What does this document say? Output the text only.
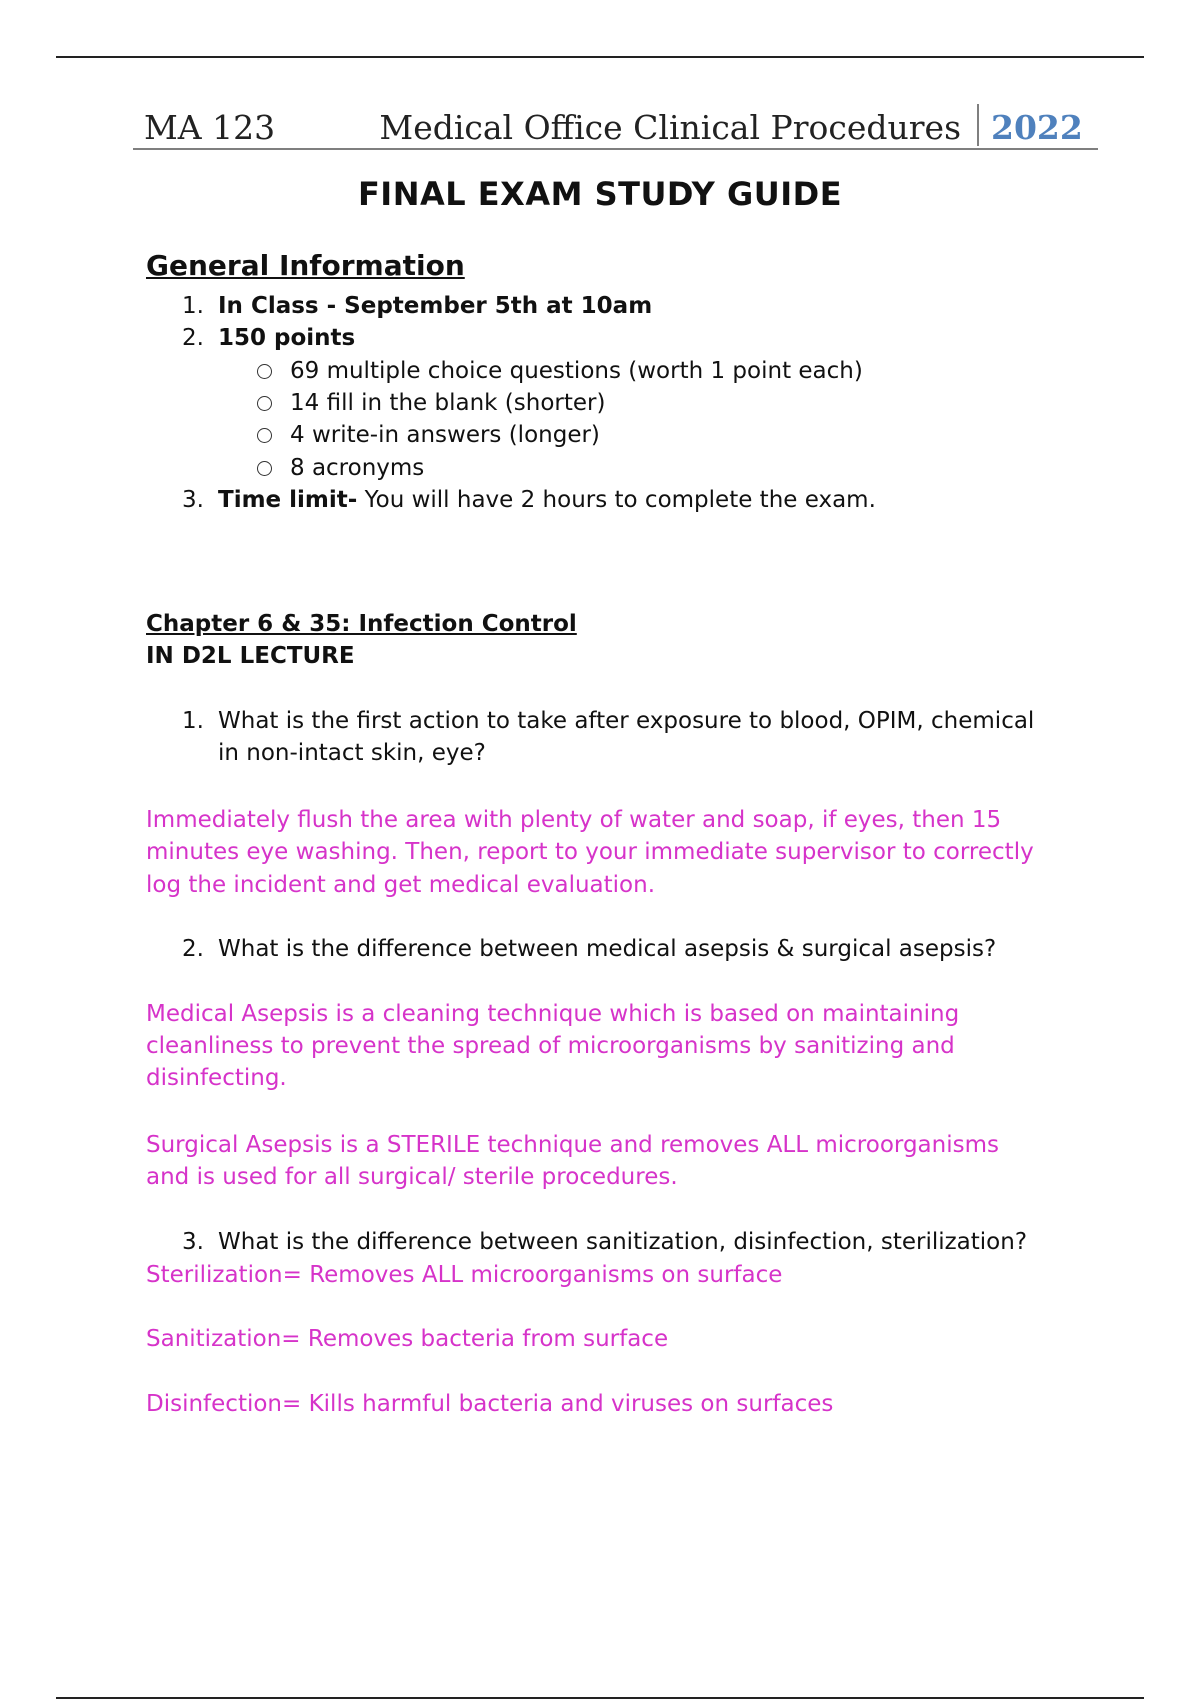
MA 123	Medical Office Clinical Procedures 2022
FINAL EXAM STUDY GUIDE
General Information
1. In Class - September 5th at 10am
2. 150 points
69 multiple choice questions (worth 1 point each)
14 fill in the blank (shorter)
4 write-in answers (longer)
8 acronyms
3. Time limit- You will have 2 hours to complete the exam.
Chapter 6 & 35: Infection Control
IN D2L LECTURE
1. What is the first action to take after exposure to blood, OPIM, chemical
in non-intact skin, eye?
Immediately flush the area with plenty of water and soap, if eyes, then 15
minutes eye washing. Then, report to your immediate supervisor to correctly
log the incident and get medical evaluation.
2. What is the difference between medical asepsis & surgical asepsis?
Medical Asepsis is a cleaning technique which is based on maintaining
cleanliness to prevent the spread of microorganisms by sanitizing and
disinfecting.
Surgical Asepsis is a STERILE technique and removes ALL microorganisms
and is used for all surgical/ sterile procedures.
3. What is the difference between sanitization, disinfection, sterilization?
Sterilization= Removes ALL microorganisms on surface
Sanitization= Removes bacteria from surface
Disinfection= Kills harmful bacteria and viruses on surfaces
